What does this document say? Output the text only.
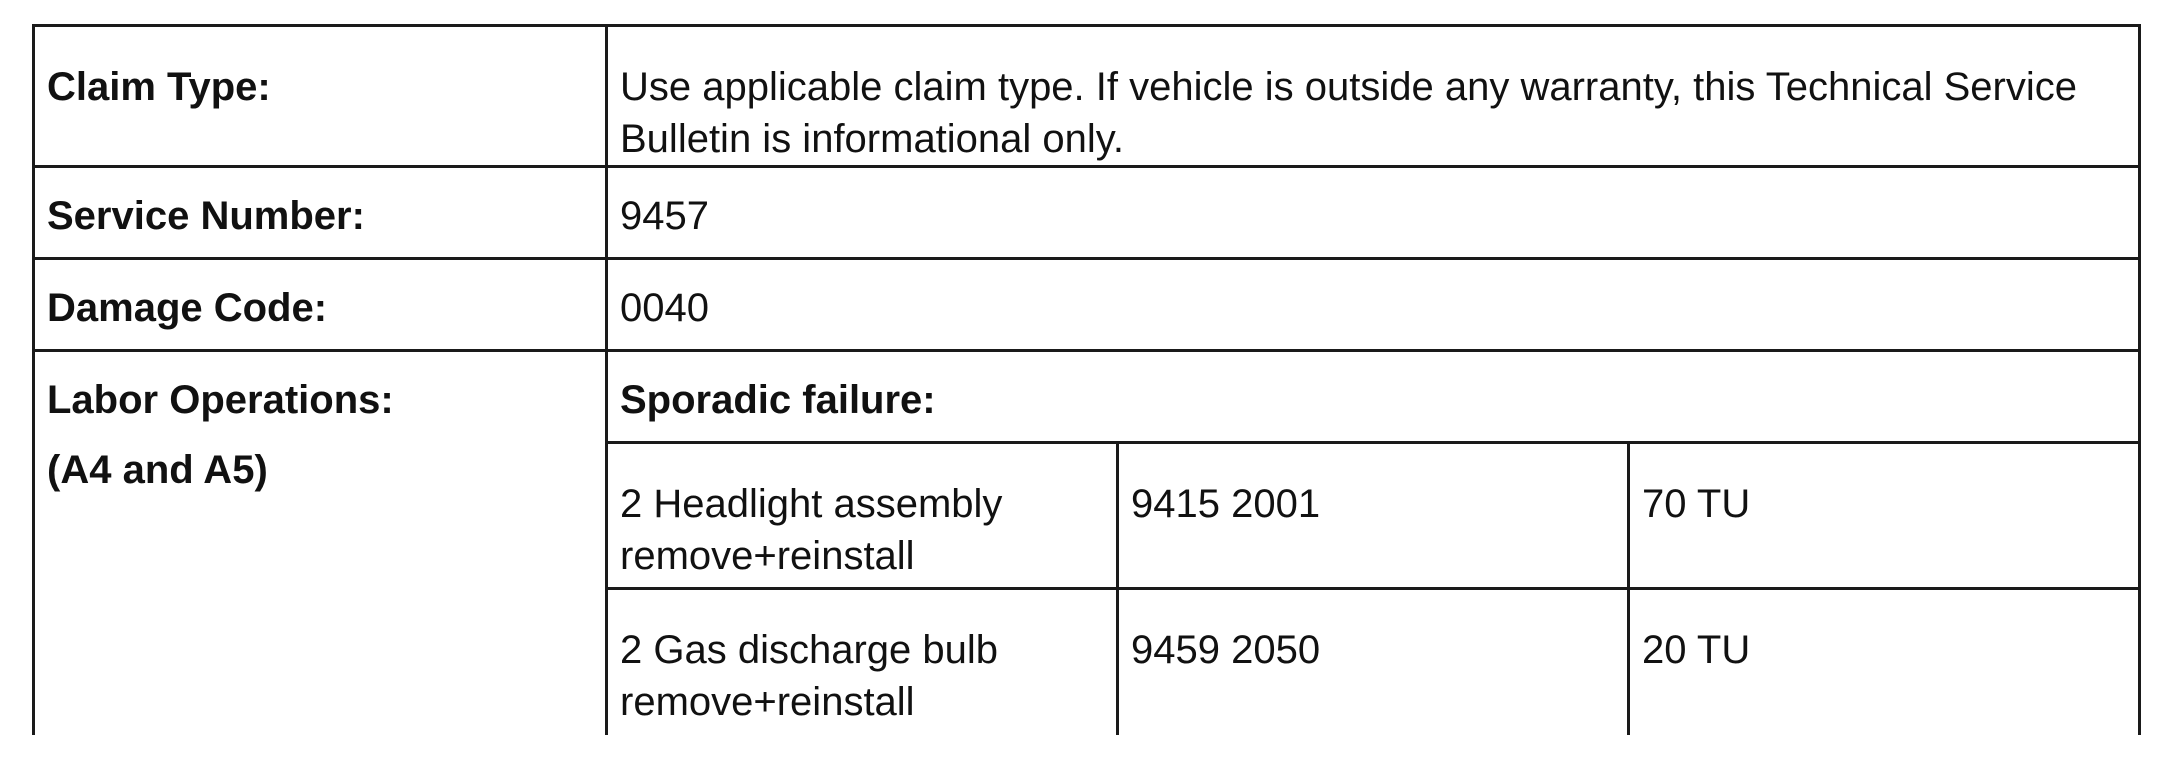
Claim Type:	Use applicable claim type. If vehicle is outside any warranty, this Technical Service Bulletin is informational only.		
Service Number:	9457		
Damage Code:	0040		

Labor Operations:
(A4 and A5)	Sporadic failure:		
	2 Headlight assembly remove+reinstall	9415 2001	70 TU
	2 Gas discharge bulb remove+reinstall	9459 2050	20 TU
